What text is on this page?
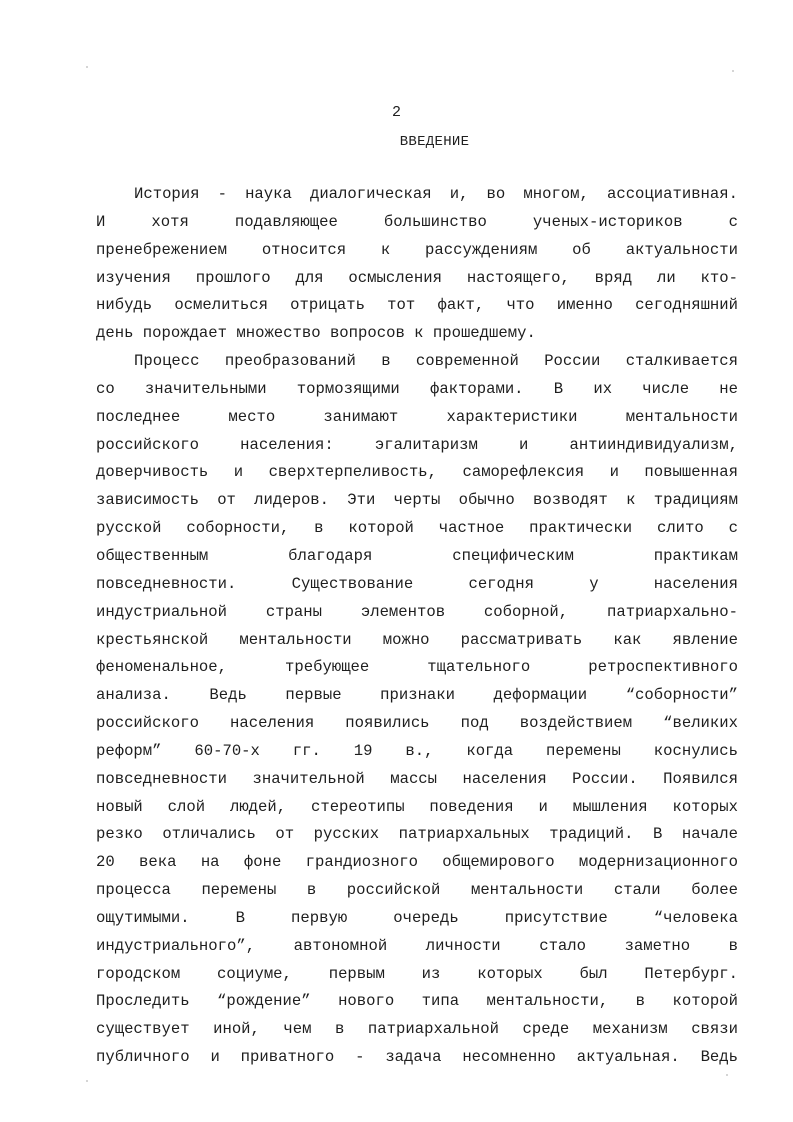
2
ВВЕДЕНИЕ
История - наука диалогическая и, во многом, ассоциативная.
И хотя подавляющее большинство ученых-историков с
пренебрежением относится к рассуждениям об актуальности
изучения прошлого для осмысления настоящего, вряд ли кто-
нибудь осмелиться отрицать тот факт, что именно сегодняшний
день порождает множество вопросов к прошедшему.
Процесс преобразований в современной России сталкивается
со значительными тормозящими факторами. В их числе не
последнее место занимают характеристики ментальности
российского населения: эгалитаризм и антииндивидуализм,
доверчивость и сверхтерпеливость, саморефлексия и повышенная
зависимость от лидеров. Эти черты обычно возводят к традициям
русской соборности, в которой частное практически слито с
общественным благодаря специфическим практикам
повседневности. Существование сегодня у населения
индустриальной страны элементов соборной, патриархально-
крестьянской ментальности можно рассматривать как явление
феноменальное, требующее тщательного ретроспективного
анализа. Ведь первые признаки деформации “соборности”
российского населения появились под воздействием “великих
реформ” 60-70-х гг. 19 в., когда перемены коснулись
повседневности значительной массы населения России. Появился
новый слой людей, стереотипы поведения и мышления которых
резко отличались от русских патриархальных традиций. В начале
20 века на фоне грандиозного общемирового модернизационного
процесса перемены в российской ментальности стали более
ощутимыми. В первую очередь присутствие “человека
индустриального”, автономной личности стало заметно в
городском социуме, первым из которых был Петербург.
Проследить “рождение” нового типа ментальности, в которой
существует иной, чем в патриархальной среде механизм связи
публичного и приватного - задача несомненно актуальная. Ведь
